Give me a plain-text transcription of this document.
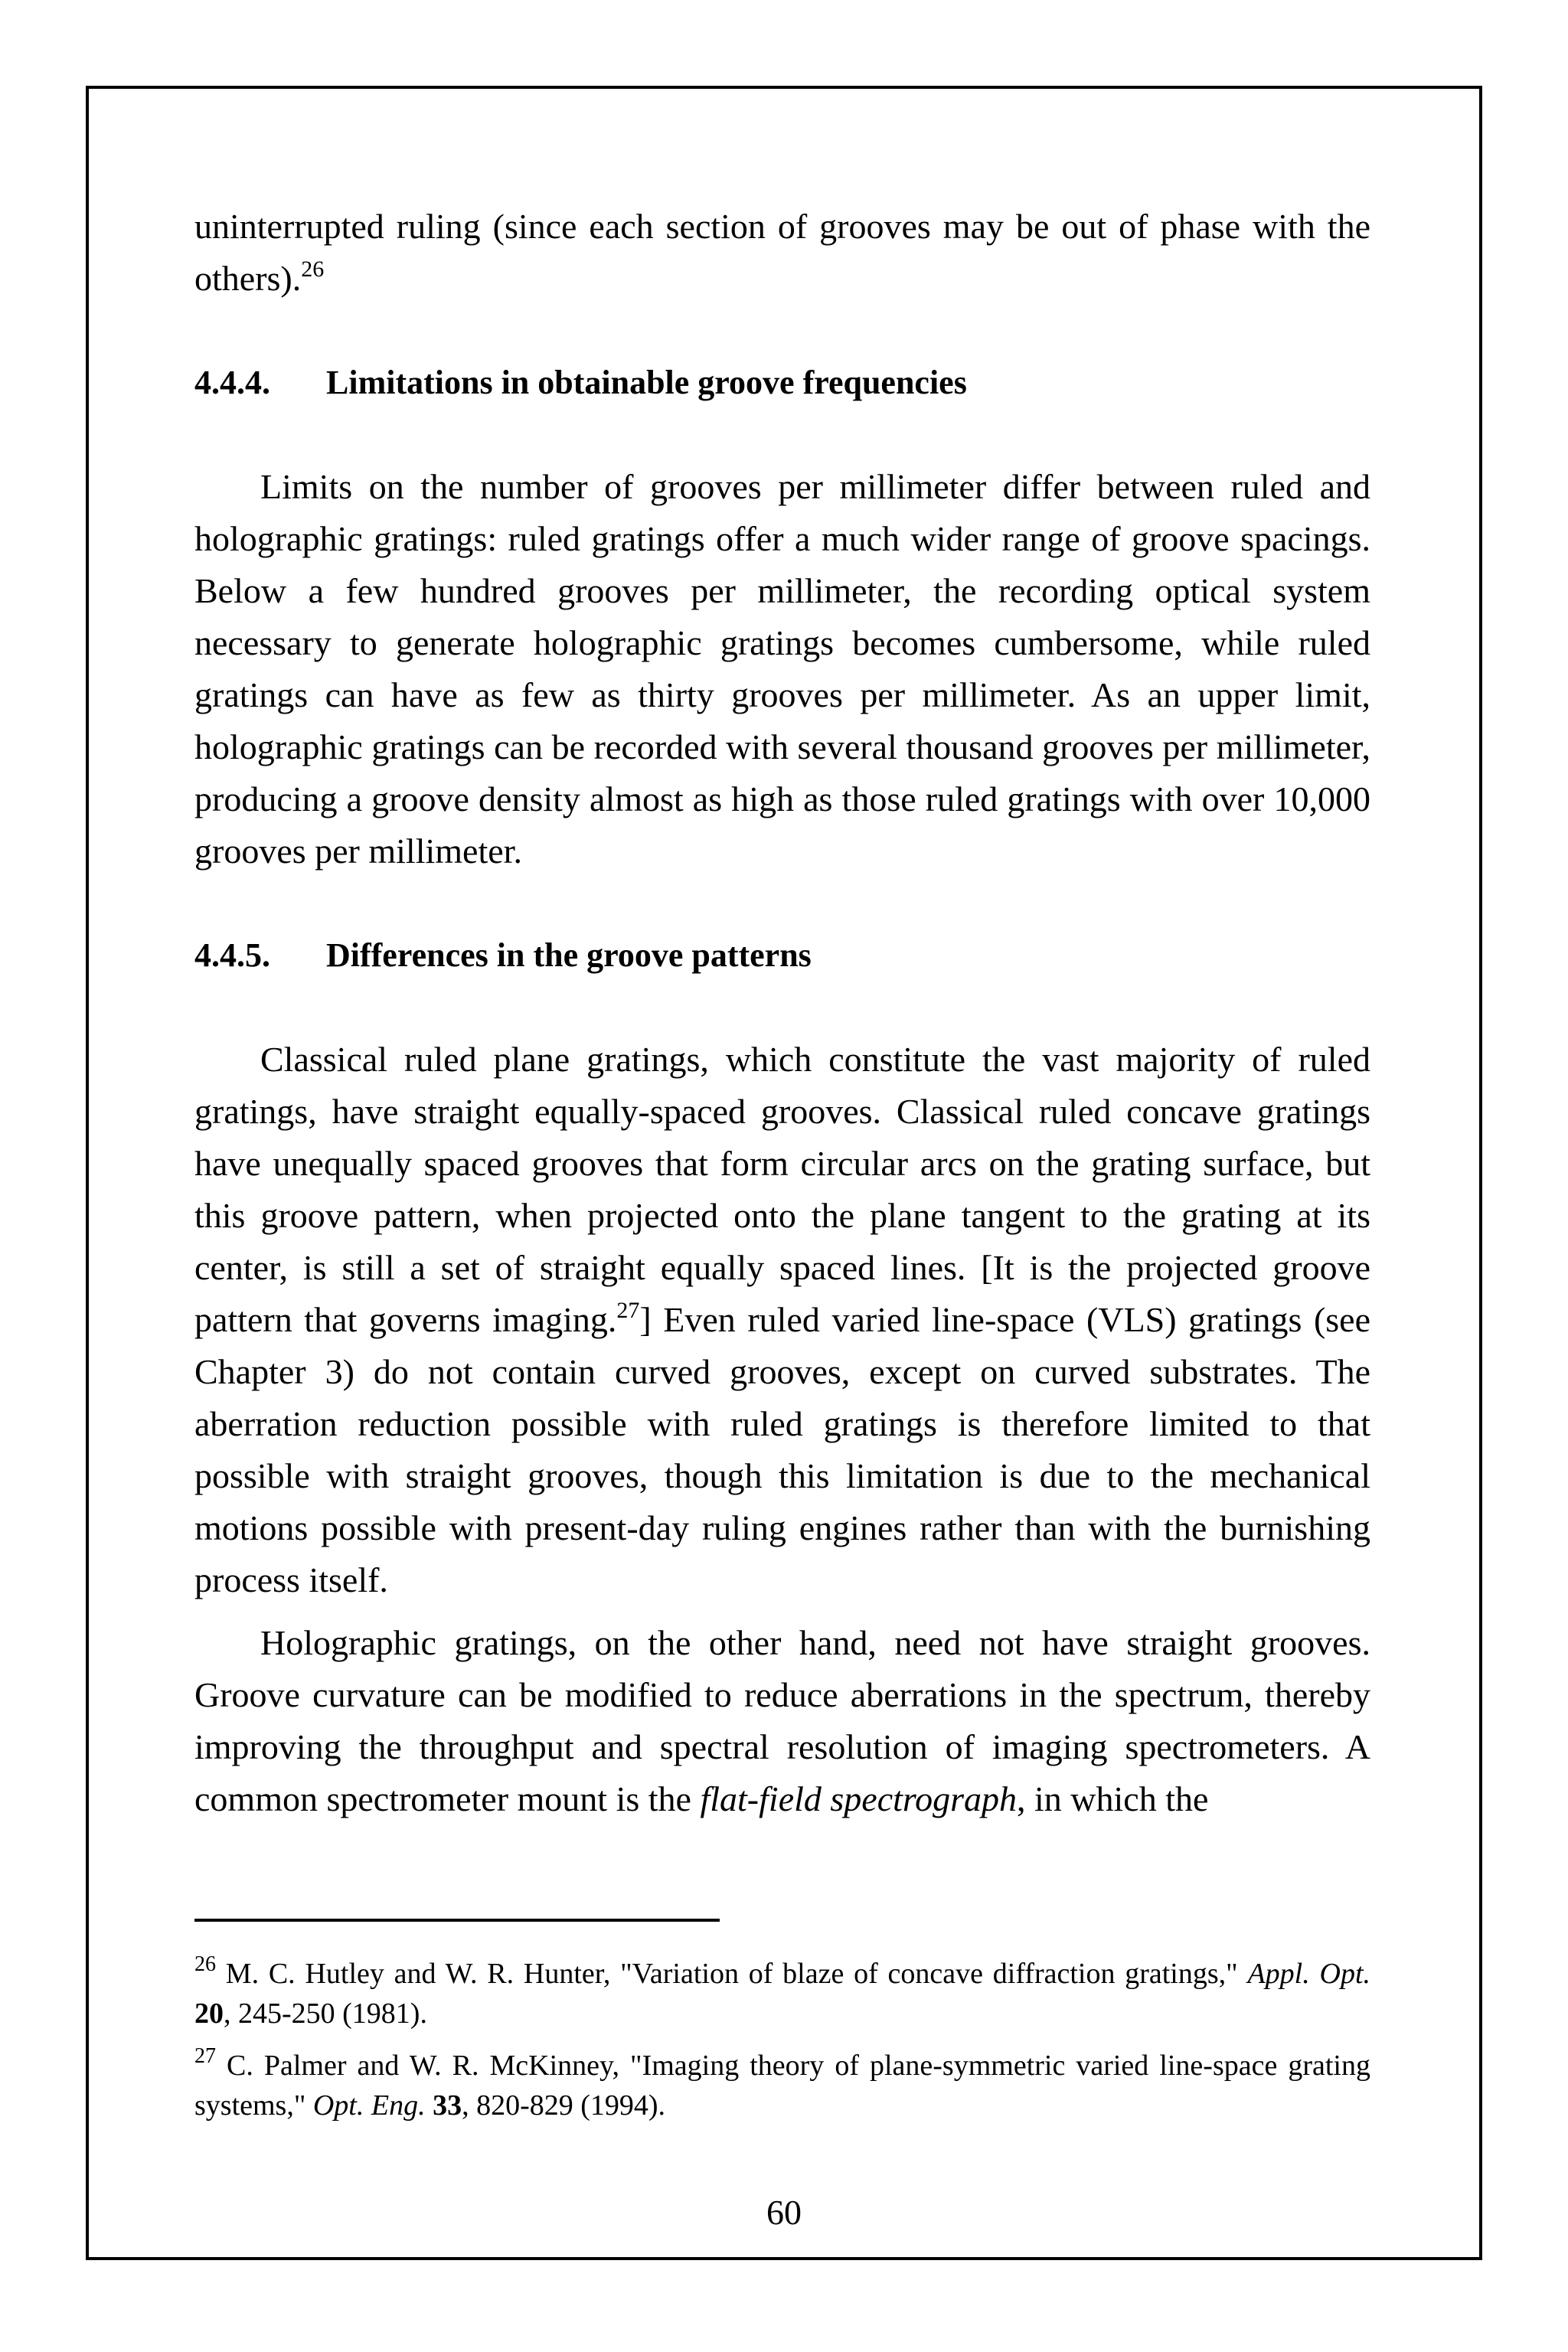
uninterrupted ruling (since each section of grooves may be out of phase with the others).$^{26}$

4.4.4. Limitations in obtainable groove frequencies

Limits on the number of grooves per millimeter differ between ruled and holographic gratings: ruled gratings offer a much wider range of groove spacings. Below a few hundred grooves per millimeter, the recording optical system necessary to generate holographic gratings becomes cumbersome, while ruled gratings can have as few as thirty grooves per millimeter. As an upper limit, holographic gratings can be recorded with several thousand grooves per millimeter, producing a groove density almost as high as those ruled gratings with over 10,000 grooves per millimeter.

4.4.5. Differences in the groove patterns

Classical ruled plane gratings, which constitute the vast majority of ruled gratings, have straight equally-spaced grooves. Classical ruled concave gratings have unequally spaced grooves that form circular arcs on the grating surface, but this groove pattern, when projected onto the plane tangent to the grating at its center, is still a set of straight equally spaced lines. [It is the projected groove pattern that governs imaging.$^{27}$] Even ruled varied line-space (VLS) gratings (see Chapter 3) do not contain curved grooves, except on curved substrates. The aberration reduction possible with ruled gratings is therefore limited to that possible with straight grooves, though this limitation is due to the mechanical motions possible with present-day ruling engines rather than with the burnishing process itself.

Holographic gratings, on the other hand, need not have straight grooves. Groove curvature can be modified to reduce aberrations in the spectrum, thereby improving the throughput and spectral resolution of imaging spectrometers. A common spectrometer mount is the flat-field spectrograph, in which the

$^{26}$ M. C. Hutley and W. R. Hunter, "Variation of blaze of concave diffraction gratings," Appl. Opt. 20, 245-250 (1981).

$^{27}$ C. Palmer and W. R. McKinney, "Imaging theory of plane-symmetric varied line-space grating systems," Opt. Eng. 33, 820-829 (1994).

60
